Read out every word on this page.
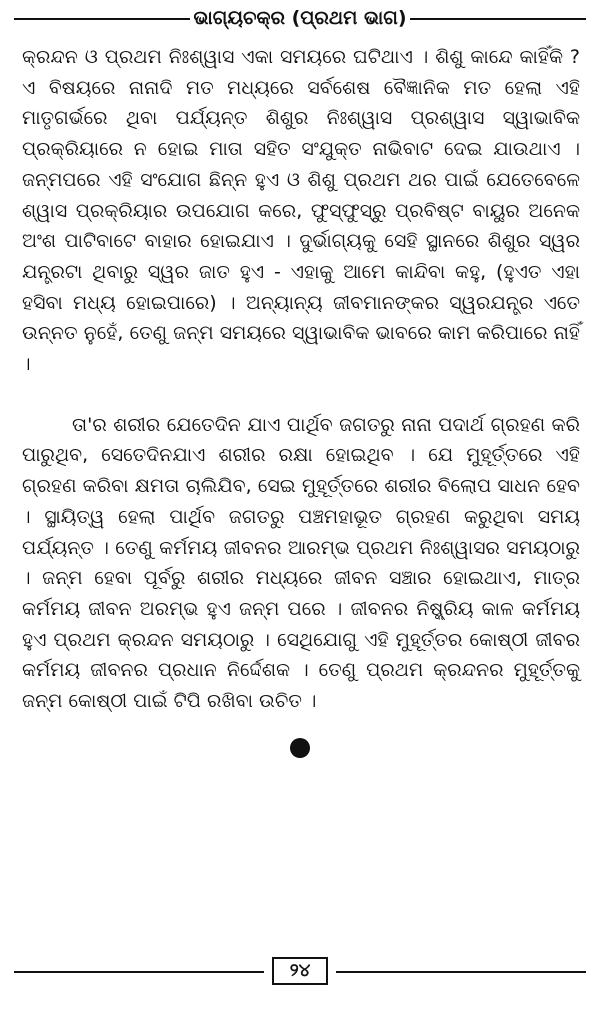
ଭାଗ୍ୟଚକ୍ର (ପ୍ରଥମ ଭାଗ)

କ୍ରନ୍ଦନ ଓ ପ୍ରଥମ ନିଃଶ୍ୱାସ ଏକା ସମୟରେ ଘଟିଥାଏ । ଶିଶୁ କାନ୍ଦେ କାହିଁକି ? ଏ ବିଷୟରେ ନାନାଦି ମତ ମଧ୍ୟରେ ସର୍ବଶେଷ ବୈଜ୍ଞାନିକ ମତ ହେଲା ଏହି ମାତୃଗର୍ଭରେ ଥିବା ପର୍ଯ୍ୟନ୍ତ ଶିଶୁର ନିଃଶ୍ୱାସ ପ୍ରଶ୍ୱାସ ସ୍ୱାଭାବିକ ପ୍ରକ୍ରିୟାରେ ନ ହୋଇ ମାତା ସହିତ ସଂଯୁକ୍ତ ନାଭିବାଟ ଦେଇ ଯାଉଥାଏ । ଜନ୍ମପରେ ଏହି ସଂଯୋଗ ଛିନ୍ନ ହୁଏ ଓ ଶିଶୁ ପ୍ରଥମ ଥର ପାଇଁ ଯେତେବେଳେ ଶ୍ୱାସ ପ୍ରକ୍ରିୟାର ଉପଯୋଗ କରେ, ଫୁସ୍‌ଫୁସ୍‌ରୁ ପ୍ରବିଷ୍ଟ ବାୟୁର ଅନେକ ଅଂଶ ପାଟିବାଟେ ବାହାର ହୋଇଯାଏ । ଦୁର୍ଭାଗ୍ୟକୁ ସେହି ସ୍ଥାନରେ ଶିଶୁର ସ୍ୱର ଯନ୍ତ୍ରଟା ଥିବାରୁ ସ୍ୱର ଜାତ ହୁଏ - ଏହାକୁ ଆମେ କାନ୍ଦିବା କହୁ, (ହୁଏତ ଏହା ହସିବା ମଧ୍ୟ ହୋଇପାରେ) । ଅନ୍ୟାନ୍ୟ ଜୀବମାନଙ୍କର ସ୍ୱରଯନ୍ତ୍ର ଏତେ ଉନ୍ନତ ନୁହେଁ, ତେଣୁ ଜନ୍ମ ସମୟରେ ସ୍ୱାଭାବିକ ଭାବରେ କାମ କରିପାରେ ନାହିଁ ।

ତା'ର ଶରୀର ଯେତେଦିନ ଯାଏ ପାର୍ଥିବ ଜଗତରୁ ନାନା ପଦାର୍ଥ ଗ୍ରହଣ କରି ପାରୁଥିବ, ସେତେଦିନଯାଏ ଶରୀର ରକ୍ଷା ହୋଇଥିବ । ଯେ ମୁହୂର୍ତ୍ତରେ ଏହି ଗ୍ରହଣ କରିବା କ୍ଷମତା ଚାଲିଯିବ, ସେଇ ମୁହୂର୍ତ୍ତରେ ଶରୀର ବିଲୋପ ସାଧନ ହେବ । ସ୍ଥାୟିତ୍ୱ ହେଲା ପାର୍ଥିବ ଜଗତରୁ ପଞ୍ଚମହାଭୂତ ଗ୍ରହଣ କରୁଥିବା ସମୟ ପର୍ଯ୍ୟନ୍ତ । ତେଣୁ କର୍ମମୟ ଜୀବନର ଆରମ୍ଭ ପ୍ରଥମ ନିଃଶ୍ୱାସର ସମୟଠାରୁ । ଜନ୍ମ ହେବା ପୂର୍ବରୁ ଶରୀର ମଧ୍ୟରେ ଜୀବନ ସଞ୍ଚାର ହୋଇଥାଏ, ମାତ୍ର କର୍ମମୟ ଜୀବନ ଅରମ୍ଭ ହୁଏ ଜନ୍ମ ପରେ । ଜୀବନର ନିଷ୍କ୍ରିୟ କାଳ କର୍ମମୟ ହୁଏ ପ୍ରଥମ କ୍ରନ୍ଦନ ସମୟଠାରୁ । ସେଥିଯୋଗୁ ଏହି ମୁହୂର୍ତ୍ତର କୋଷ୍ଠୀ ଜୀବର କର୍ମମୟ ଜୀବନର ପ୍ରଧାନ ନିର୍ଦ୍ଦେଶକ । ତେଣୁ ପ୍ରଥମ କ୍ରନ୍ଦନର ମୁହୂର୍ତ୍ତକୁ ଜନ୍ମ କୋଷ୍ଠୀ ପାଇଁ ଟିପି ରଖିବା ଉଚିତ ।

୨୪
